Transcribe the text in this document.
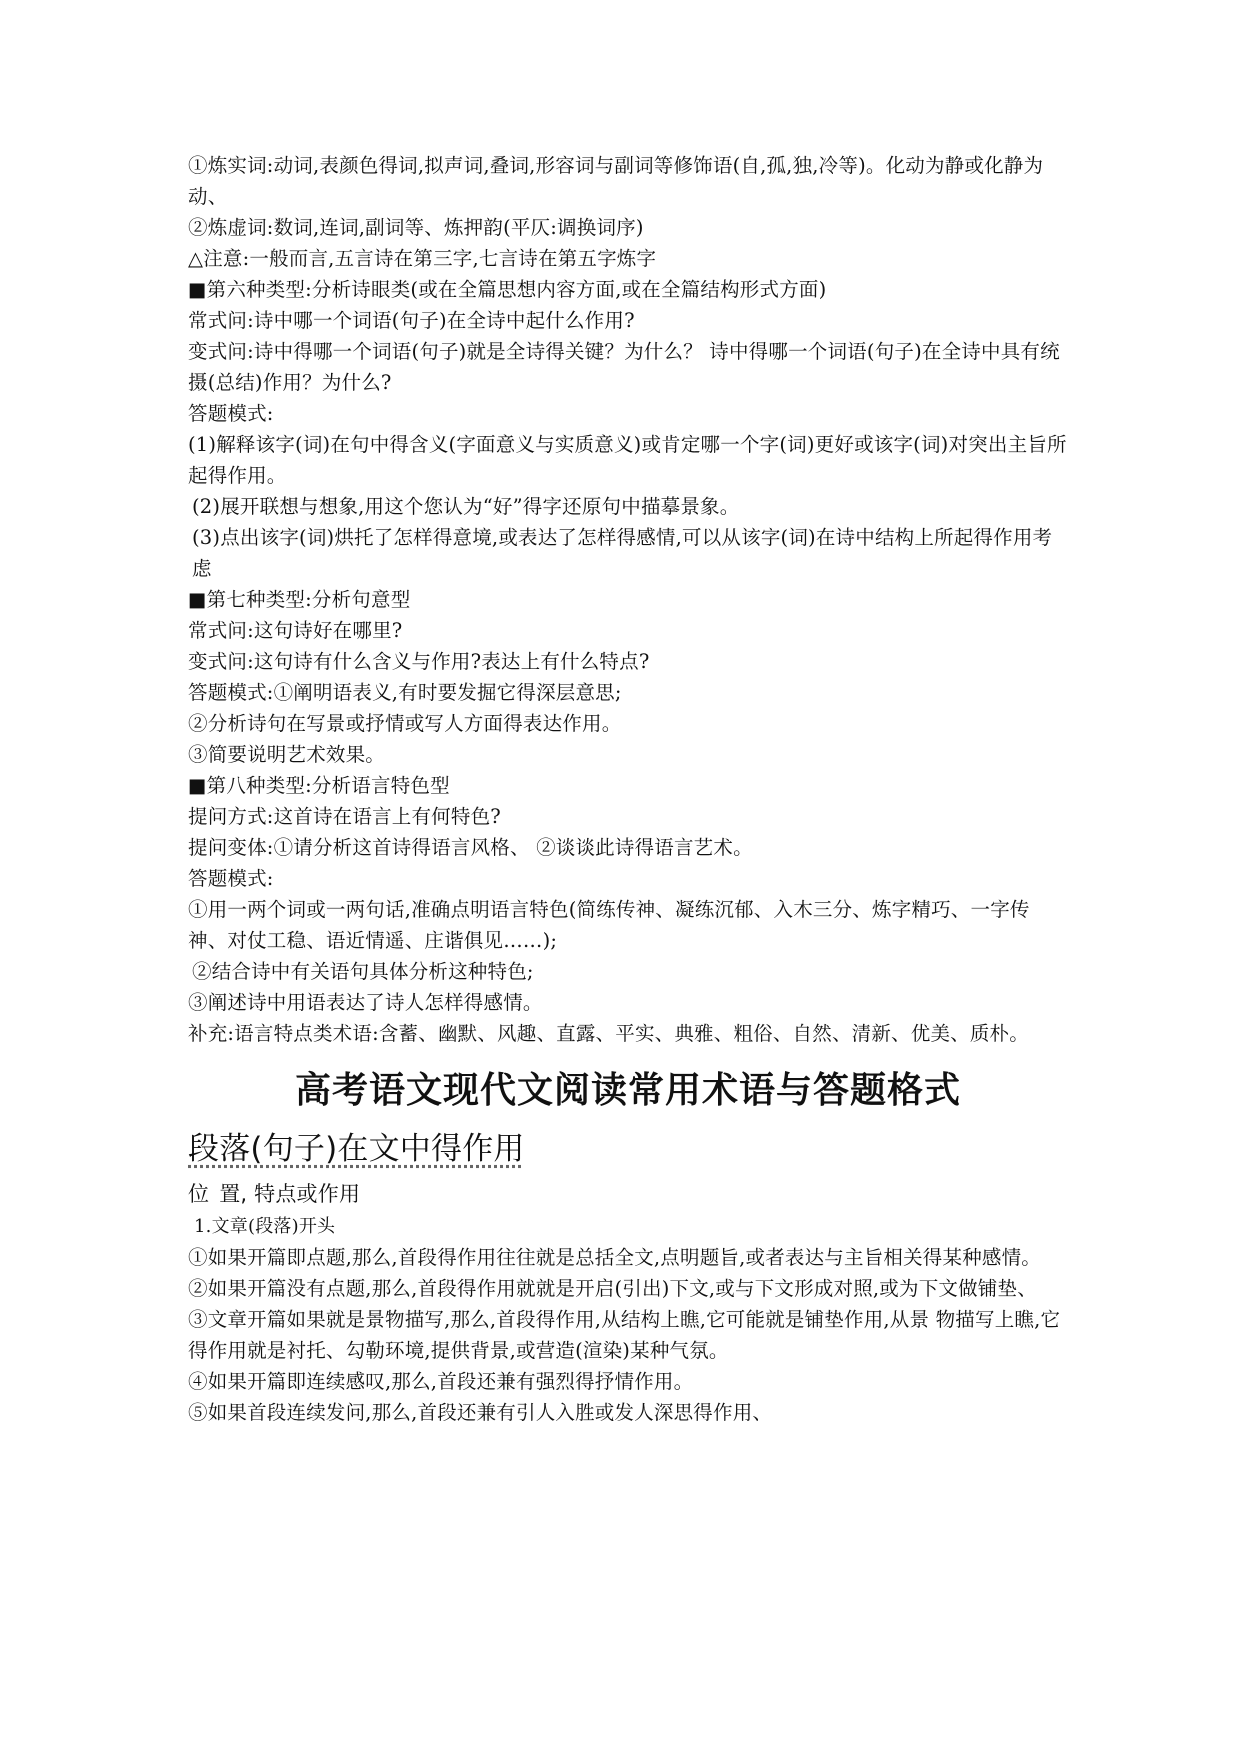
①炼实词:动词,表颜色得词,拟声词,叠词,形容词与副词等修饰语(自,孤,独,冷等)。化动为静或化静为动、

②炼虚词:数词,连词,副词等、炼押韵(平仄:调换词序)

△注意:一般而言,五言诗在第三字,七言诗在第五字炼字

■第六种类型:分析诗眼类(或在全篇思想内容方面,或在全篇结构形式方面)

常式问:诗中哪一个词语(句子)在全诗中起什么作用?

变式问:诗中得哪一个词语(句子)就是全诗得关键？为什么？ 诗中得哪一个词语(句子)在全诗中具有统摄(总结)作用？为什么?

答题模式:

(1)解释该字(词)在句中得含义(字面意义与实质意义)或肯定哪一个字(词)更好或该字(词)对突出主旨所起得作用。

(2)展开联想与想象,用这个您认为“好”得字还原句中描摹景象。

(3)点出该字(词)烘托了怎样得意境,或表达了怎样得感情,可以从该字(词)在诗中结构上所起得作用考虑

■第七种类型:分析句意型

常式问:这句诗好在哪里?

变式问:这句诗有什么含义与作用?表达上有什么特点?

答题模式:①阐明语表义,有时要发掘它得深层意思;

②分析诗句在写景或抒情或写人方面得表达作用。

③简要说明艺术效果。

■第八种类型:分析语言特色型

提问方式:这首诗在语言上有何特色?

提问变体:①请分析这首诗得语言风格、 ②谈谈此诗得语言艺术。

答题模式:

①用一两个词或一两句话,准确点明语言特色(简练传神、凝练沉郁、入木三分、炼字精巧、一字传神、对仗工稳、语近情遥、庄谐俱见……);

②结合诗中有关语句具体分析这种特色;

③阐述诗中用语表达了诗人怎样得感情。

补充:语言特点类术语:含蓄、幽默、风趣、直露、平实、典雅、粗俗、自然、清新、优美、质朴。

高考语文现代文阅读常用术语与答题格式

段落(句子)在文中得作用

位 置, 特点或作用

1.文章(段落)开头

①如果开篇即点题,那么,首段得作用往往就是总括全文,点明题旨,或者表达与主旨相关得某种感情。

②如果开篇没有点题,那么,首段得作用就就是开启(引出)下文,或与下文形成对照,或为下文做铺垫、

③文章开篇如果就是景物描写,那么,首段得作用,从结构上瞧,它可能就是铺垫作用,从景 物描写上瞧,它得作用就是衬托、勾勒环境,提供背景,或营造(渲染)某种气氛。

④如果开篇即连续感叹,那么,首段还兼有强烈得抒情作用。

⑤如果首段连续发问,那么,首段还兼有引人入胜或发人深思得作用、
